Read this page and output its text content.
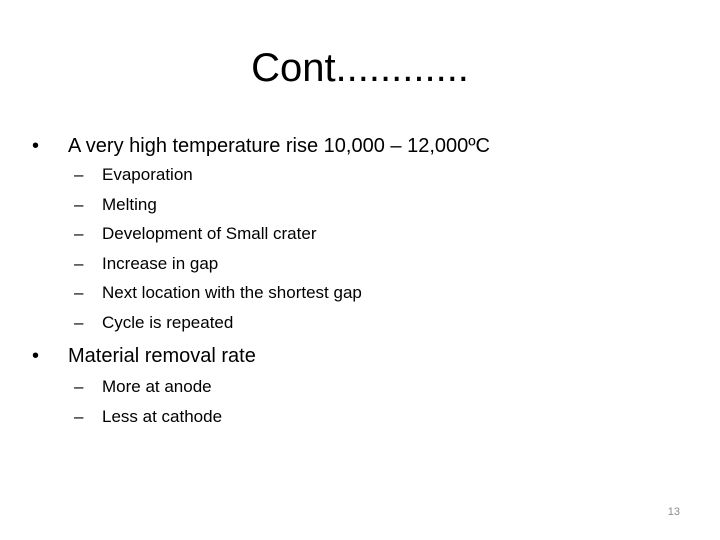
Cont............
• A very high temperature rise 10,000 – 12,000ºC
– Evaporation
– Melting
– Development of Small crater
– Increase in gap
– Next location with the shortest gap
– Cycle is repeated
• Material removal rate
– More at anode
– Less at cathode
13
